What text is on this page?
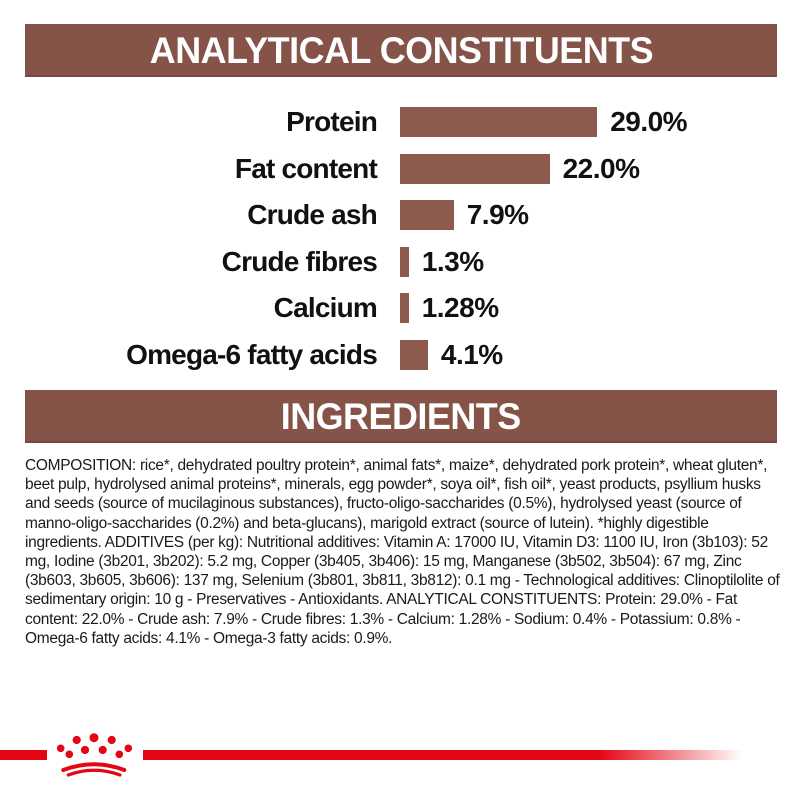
ANALYTICAL CONSTITUENTS
Protein	29.0%
Fat content	22.0%
Crude ash	7.9%
Crude fibres 1.3%
Calcium 1.28%
Omega-6 fatty acids 4.1%
INGREDIENTS
COMPOSITION: rice*, dehydrated poultry protein*, animal fats*, maize*, dehydrated pork protein*, wheat gluten*, beet pulp, hydrolysed animal proteins*, minerals, egg powder*, soya oil*, fish oil*, yeast products, psyllium husks and seeds (source of mucilaginous substances), fructo-oligo-saccharides (0.5%), hydrolysed yeast (source of manno-oligo-saccharides (0.2%) and beta-glucans), marigold extract (source of lutein). *highly digestible ingredients. ADDITIVES (per kg): Nutritional additives: Vitamin A: 17000 IU, Vitamin D3: 1100 IU, Iron (3b103): 52 mg, Iodine (3b201, 3b202): 5.2 mg, Copper (3b405, 3b406): 15 mg, Manganese (3b502, 3b504): 67 mg, Zinc (3b603, 3b605, 3b606): 137 mg, Selenium (3b801, 3b811, 3b812): 0.1 mg - Technological additives: Clinoptilolite of sedimentary origin: 10 g - Preservatives - Antioxidants. ANALYTICAL CONSTITUENTS: Protein: 29.0% - Fat content: 22.0% - Crude ash: 7.9% - Crude fibres: 1.3% - Calcium: 1.28% - Sodium: 0.4% - Potassium: 0.8% - Omega-6 fatty acids: 4.1% - Omega-3 fatty acids: 0.9%.
